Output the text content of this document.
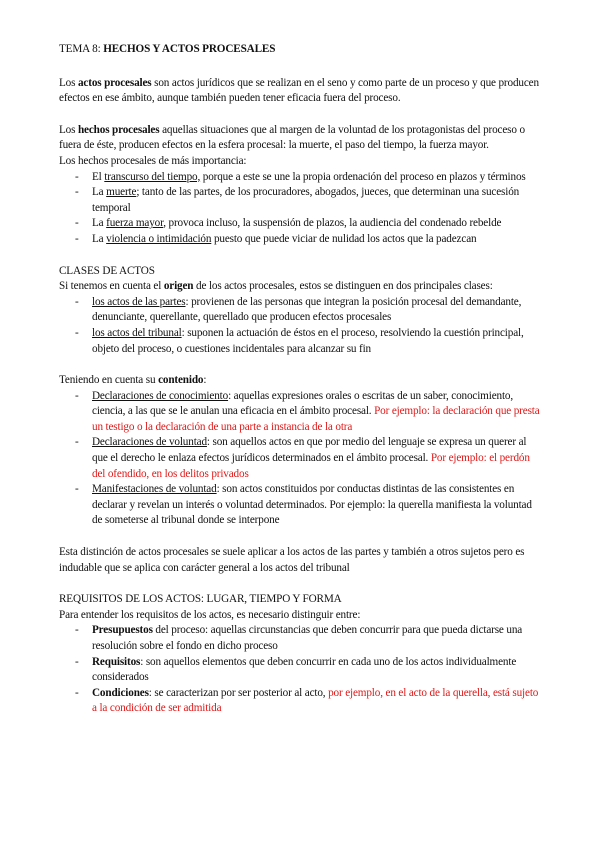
TEMA 8: HECHOS Y ACTOS PROCESALES

Los actos procesales son actos jurídicos que se realizan en el seno y como parte de un proceso y que producen efectos en ese ámbito, aunque también pueden tener eficacia fuera del proceso.

Los hechos procesales aquellas situaciones que al margen de la voluntad de los protagonistas del proceso o fuera de éste, producen efectos en la esfera procesal: la muerte, el paso del tiempo, la fuerza mayor.

Los hechos procesales de más importancia:

- El transcurso del tiempo, porque a este se une la propia ordenación del proceso en plazos y términos
- La muerte; tanto de las partes, de los procuradores, abogados, jueces, que determinan una sucesión temporal
- La fuerza mayor, provoca incluso, la suspensión de plazos, la audiencia del condenado rebelde
- La violencia o intimidación puesto que puede viciar de nulidad los actos que la padezcan

CLASES DE ACTOS

Si tenemos en cuenta el origen de los actos procesales, estos se distinguen en dos principales clases:

- los actos de las partes: provienen de las personas que integran la posición procesal del demandante, denunciante, querellante, querellado que producen efectos procesales
- los actos del tribunal: suponen la actuación de éstos en el proceso, resolviendo la cuestión principal, objeto del proceso, o cuestiones incidentales para alcanzar su fin

Teniendo en cuenta su contenido:

- Declaraciones de conocimiento: aquellas expresiones orales o escritas de un saber, conocimiento, ciencia, a las que se le anulan una eficacia en el ámbito procesal. Por ejemplo: la declaración que presta un testigo o la declaración de una parte a instancia de la otra
- Declaraciones de voluntad: son aquellos actos en que por medio del lenguaje se expresa un querer al que el derecho le enlaza efectos jurídicos determinados en el ámbito procesal. Por ejemplo: el perdón del ofendido, en los delitos privados
- Manifestaciones de voluntad: son actos constituidos por conductas distintas de las consistentes en declarar y revelan un interés o voluntad determinados. Por ejemplo: la querella manifiesta la voluntad de someterse al tribunal donde se interpone

Esta distinción de actos procesales se suele aplicar a los actos de las partes y también a otros sujetos pero es indudable que se aplica con carácter general a los actos del tribunal

REQUISITOS DE LOS ACTOS: LUGAR, TIEMPO Y FORMA

Para entender los requisitos de los actos, es necesario distinguir entre:

- Presupuestos del proceso: aquellas circunstancias que deben concurrir para que pueda dictarse una resolución sobre el fondo en dicho proceso
- Requisitos: son aquellos elementos que deben concurrir en cada uno de los actos individualmente considerados
- Condiciones: se caracterizan por ser posterior al acto, por ejemplo, en el acto de la querella, está sujeto a la condición de ser admitida
